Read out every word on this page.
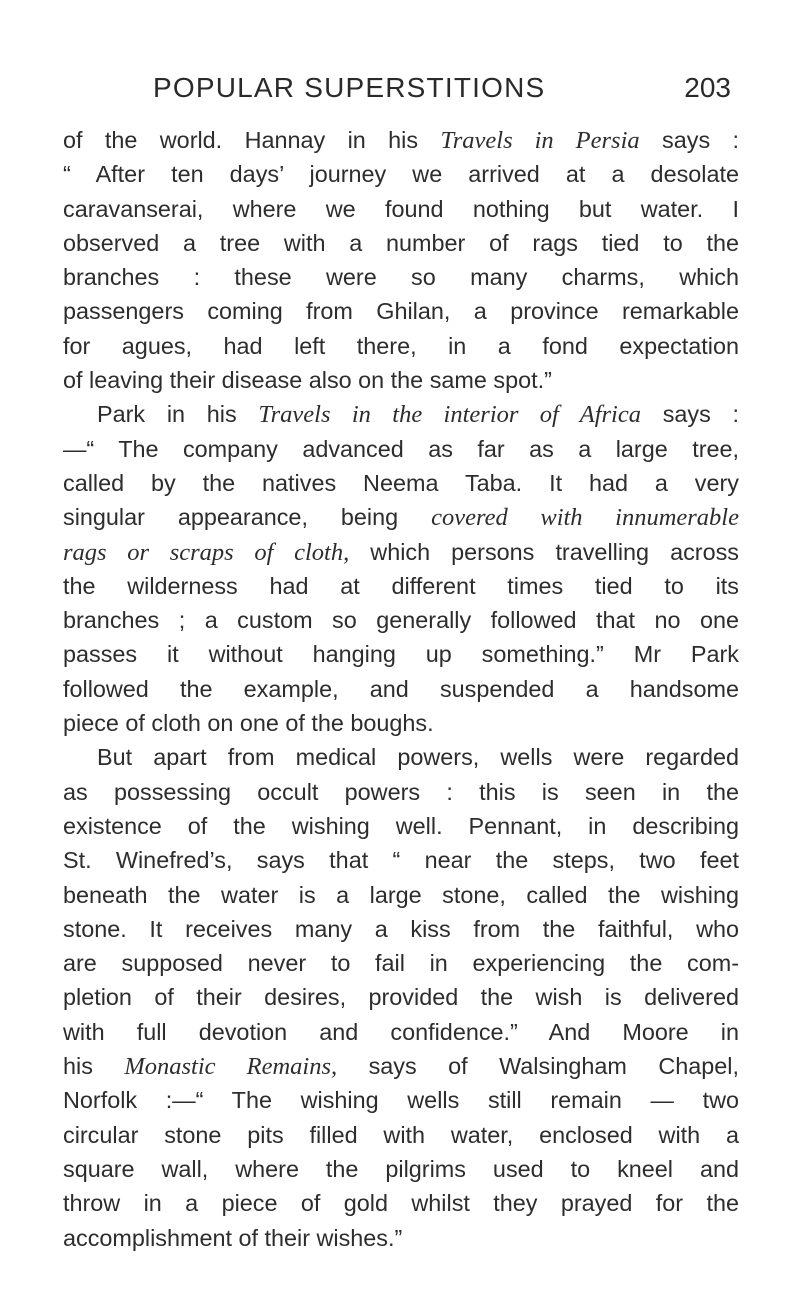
POPULAR SUPERSTITIONS	203
of the world. Hannay in his Travels in Persia says :
“ After ten days’ journey we arrived at a desolate
caravanserai, where we found nothing but water. I
observed a tree with a number of rags tied to the
branches : these were so many charms, which
passengers coming from Ghilan, a province remarkable
for agues, had left there, in a fond expectation
of leaving their disease also on the same spot.”
Park in his Travels in the interior of Africa says :
—“ The company advanced as far as a large tree,
called by the natives Neema Taba. It had a very
singular appearance, being covered with innumerable
rags or scraps of cloth, which persons travelling across
the wilderness had at different times tied to its
branches ; a custom so generally followed that no one
passes it without hanging up something.” Mr Park
followed the example, and suspended a handsome
piece of cloth on one of the boughs.
But apart from medical powers, wells were regarded
as possessing occult powers : this is seen in the
existence of the wishing well. Pennant, in describing
St. Winefred’s, says that “ near the steps, two feet
beneath the water is a large stone, called the wishing
stone. It receives many a kiss from the faithful, who
are supposed never to fail in experiencing the com-
pletion of their desires, provided the wish is delivered
with full devotion and confidence.” And Moore in
his Monastic Remains, says of Walsingham Chapel,
Norfolk :—“ The wishing wells still remain — two
circular stone pits filled with water, enclosed with a
square wall, where the pilgrims used to kneel and
throw in a piece of gold whilst they prayed for the
accomplishment of their wishes.”
